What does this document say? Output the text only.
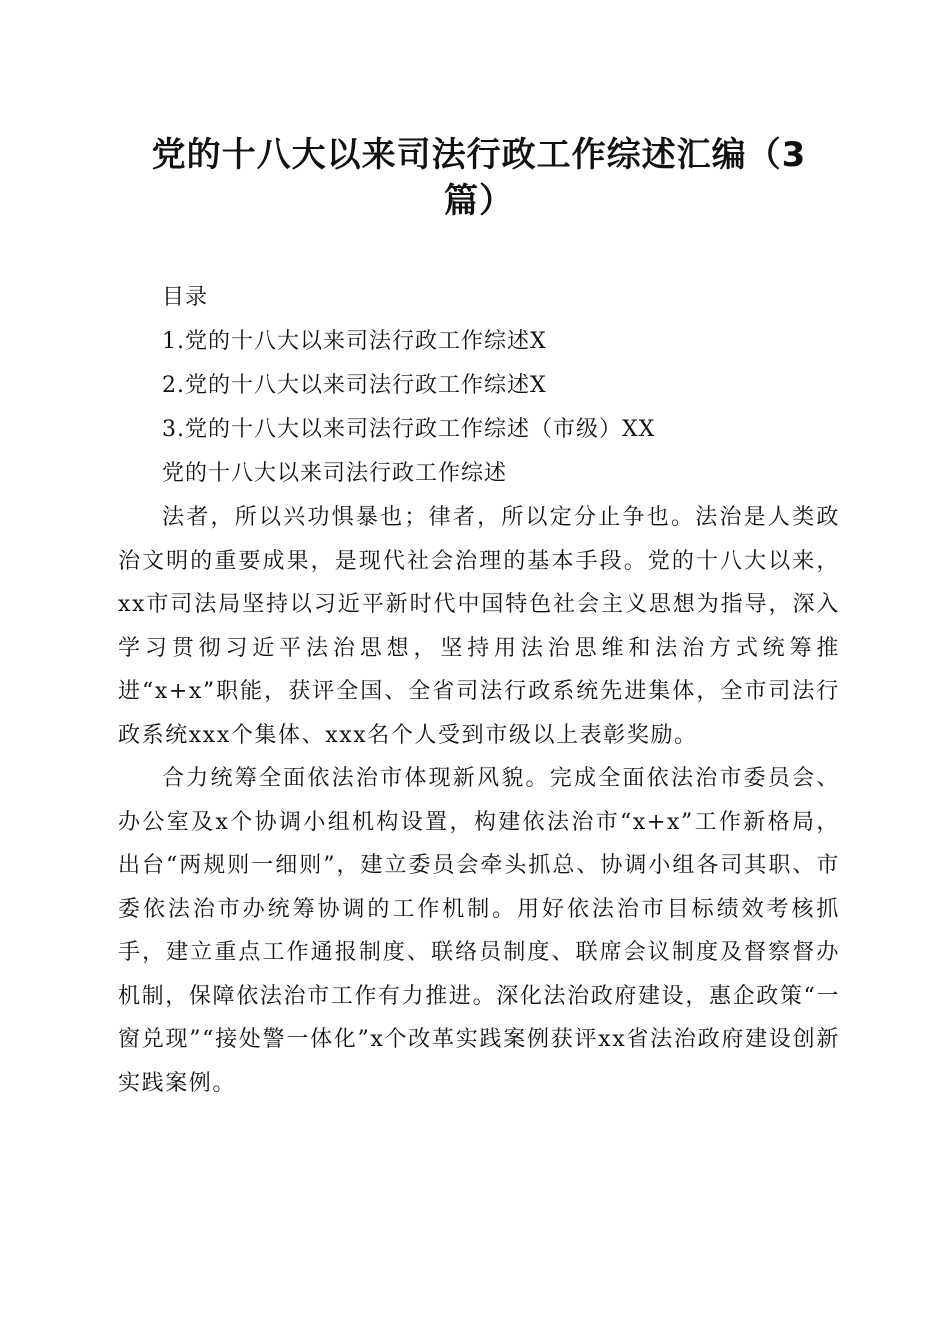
党的十八大以来司法行政工作综述汇编（3篇）
目录
1.党的十八大以来司法行政工作综述X
2.党的十八大以来司法行政工作综述X
3.党的十八大以来司法行政工作综述（市级）XX
党的十八大以来司法行政工作综述

法者，所以兴功惧暴也；律者，所以定分止争也。法治是人类政治文明的重要成果，是现代社会治理的基本手段。党的十八大以来，xx市司法局坚持以习近平新时代中国特色社会主义思想为指导，深入学习贯彻习近平法治思想，坚持用法治思维和法治方式统筹推进“x+x”职能，获评全国、全省司法行政系统先进集体，全市司法行政系统xxx个集体、xxx名个人受到市级以上表彰奖励。

合力统筹全面依法治市体现新风貌。完成全面依法治市委员会、办公室及x个协调小组机构设置，构建依法治市“x+x”工作新格局，出台“两规则一细则”，建立委员会牵头抓总、协调小组各司其职、市委依法治市办统筹协调的工作机制。用好依法治市目标绩效考核抓手，建立重点工作通报制度、联络员制度、联席会议制度及督察督办机制，保障依法治市工作有力推进。深化法治政府建设，惠企政策“一窗兑现”“接处警一体化”x个改革实践案例获评xx省法治政府建设创新实践案例。
